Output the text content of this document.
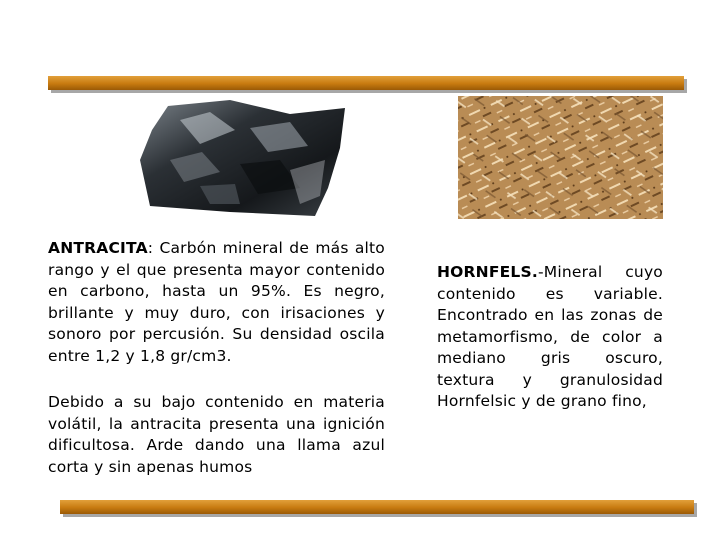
ANTRACITA: Carbón mineral de más alto rango y el que presenta mayor contenido en carbono, hasta un 95%. Es negro, brillante y muy duro, con irisaciones y sonoro por percusión. Su densidad oscila entre 1,2 y 1,8 gr/cm3.
Debido a su bajo contenido en materia volátil, la antracita presenta una ignición dificultosa. Arde dando una llama azul corta y sin apenas humos
HORNFELS.-Mineral cuyo contenido es variable. Encontrado en las zonas de metamorfismo, de color a mediano gris oscuro, textura y granulosidad Hornfelsic y de grano fino,
